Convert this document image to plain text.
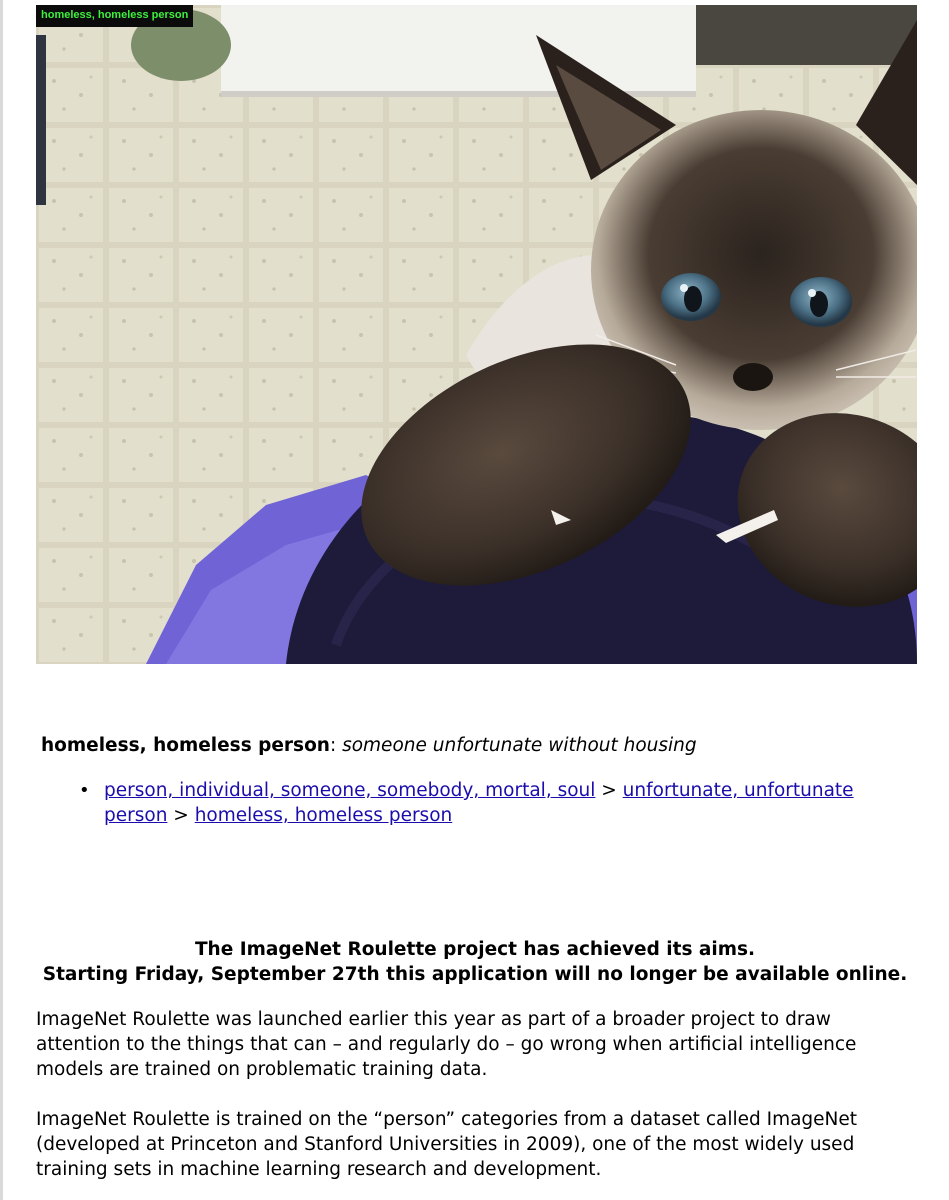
homeless, homeless person
homeless, homeless person: someone unfortunate without housing
• person, individual, someone, somebody, mortal, soul > unfortunate, unfortunate person > homeless, homeless person
The ImageNet Roulette project has achieved its aims.
Starting Friday, September 27th this application will no longer be available online.
ImageNet Roulette was launched earlier this year as part of a broader project to draw attention to the things that can – and regularly do – go wrong when artificial intelligence models are trained on problematic training data.
ImageNet Roulette is trained on the “person” categories from a dataset called ImageNet (developed at Princeton and Stanford Universities in 2009), one of the most widely used training sets in machine learning research and development.
